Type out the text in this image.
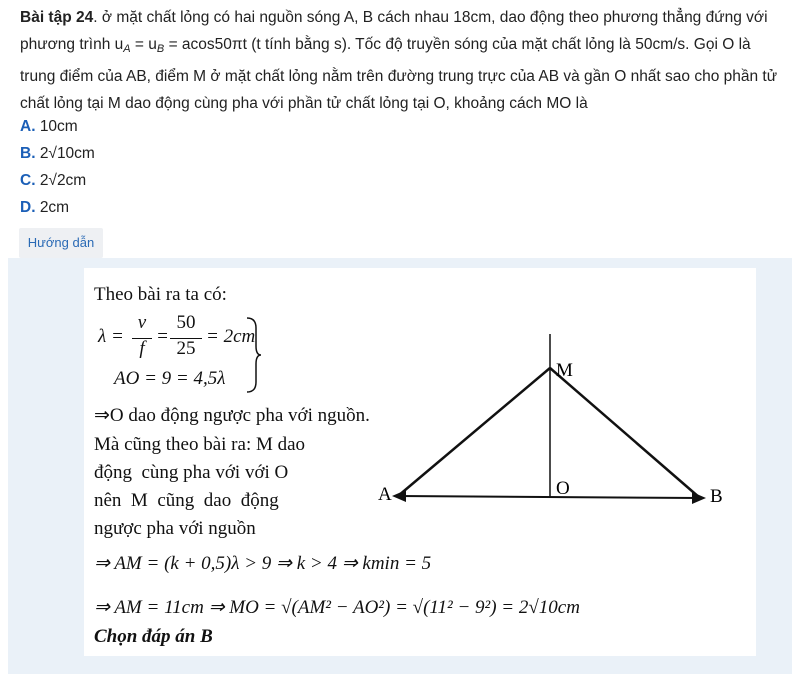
Bài tập 24. ở mặt chất lỏng có hai nguồn sóng A, B cách nhau 18cm, dao động theo phương thẳng đứng với phương trình $u_A = u_B = acos50\pi t$ (t tính bằng s). Tốc độ truyền sóng của mặt chất lỏng là 50cm/s. Gọi O là trung điểm của AB, điểm M ở mặt chất lỏng nằm trên đường trung trực của AB và gần O nhất sao cho phần tử chất lỏng tại M dao động cùng pha với phần tử chất lỏng tại O, khoảng cách MO là
A. 10cm
B. 2√10cm
C. 2√2cm
D. 2cm
Hướng dẫn
Theo bài ra ta có:
λ =
v
f
=
50
25
= 2cm
AO = 9 = 4,5λ
⇒O dao động ngược pha với nguồn.
Mà cũng theo bài ra: M dao
động  cùng pha với với O
nên  M  cũng  dao  động
ngược pha với nguồn
⇒ AM = (k + 0,5)λ > 9 ⇒ k > 4 ⇒ kmin = 5
⇒ AM = 11cm ⇒ MO = √(AM² − AO²) = √(11² − 9²) = 2√10cm
Chọn đáp án B
M
A	O	B
